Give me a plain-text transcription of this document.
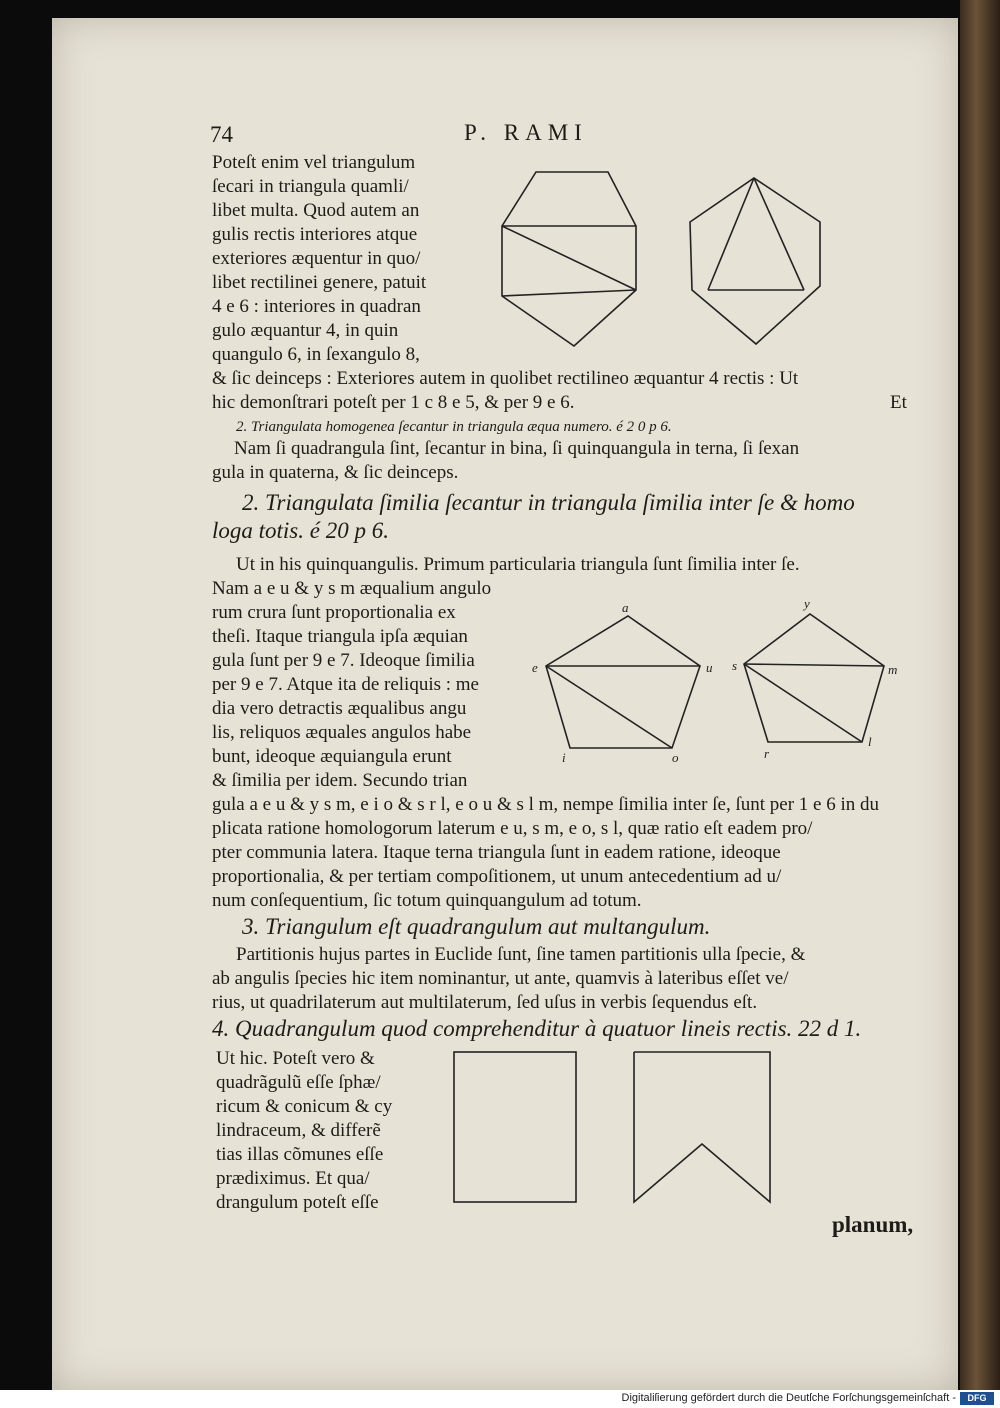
74	P. RAMI
Poteſt enim vel triangulum
ſecari in triangula quamli/
libet multa. Quod autem an
gulis rectis interiores atque
exteriores æquentur in quo/
libet rectilinei genere, patuit
4 e 6 : interiores in quadran
gulo æquantur 4, in quin
quangulo 6, in ſexangulo 8,
& ſic deinceps : Exteriores autem in quolibet rectilineo æquantur 4 rectis : Ut
hic demonſtrari poteſt per 1 c 8 e 5, & per 9 e 6.	Et
2. Triangulata homogenea ſecantur in triangula æqua numero. é 2 0 p 6.
Nam ſi quadrangula ſint, ſecantur in bina, ſi quinquangula in terna, ſi ſexan
gula in quaterna, & ſic deinceps.
2. Triangulata ſimilia ſecantur in triangula ſimilia inter ſe & homo
loga totis. é 20 p 6.
Ut in his quinquangulis. Primum particularia triangula ſunt ſimilia inter ſe.
Nam a e u & y s m æqualium angulo
rum crura ſunt proportionalia ex
theſi. Itaque triangula ipſa æquian
gula ſunt per 9 e 7. Ideoque ſimilia
per 9 e 7. Atque ita de reliquis : me
dia vero detractis æqualibus angu
lis, reliquos æquales angulos habe
bunt, ideoque æquiangula erunt
& ſimilia per idem. Secundo trian
a
e	u
i	o
y
s	m
r
l
gula a e u & y s m, e i o & s r l, e o u & s l m, nempe ſimilia inter ſe, ſunt per 1 e 6 in du
plicata ratione homologorum laterum e u, s m, e o, s l, quæ ratio eſt eadem pro/
pter communia latera. Itaque terna triangula ſunt in eadem ratione, ideoque
proportionalia, & per tertiam compoſitionem, ut unum antecedentium ad u/
num conſequentium, ſic totum quinquangulum ad totum.
3. Triangulum eſt quadrangulum aut multangulum.
Partitionis hujus partes in Euclide ſunt, ſine tamen partitionis ulla ſpecie, &
ab angulis ſpecies hic item nominantur, ut ante, quamvis à lateribus eſſet ve/
rius, ut quadrilaterum aut multilaterum, ſed uſus in verbis ſequendus eſt.
4. Quadrangulum quod comprehenditur à quatuor lineis rectis. 22 d 1.
Ut hic. Poteſt vero &
quadrãgulũ eſſe ſphæ/
ricum & conicum & cy
lindraceum, & differẽ
tias illas cõmunes eſſe
prædiximus. Et qua/
drangulum poteſt eſſe
planum,
Digitaliſierung gefördert durch die Deutſche Forſchungsgemeinſchaft -	DFG
